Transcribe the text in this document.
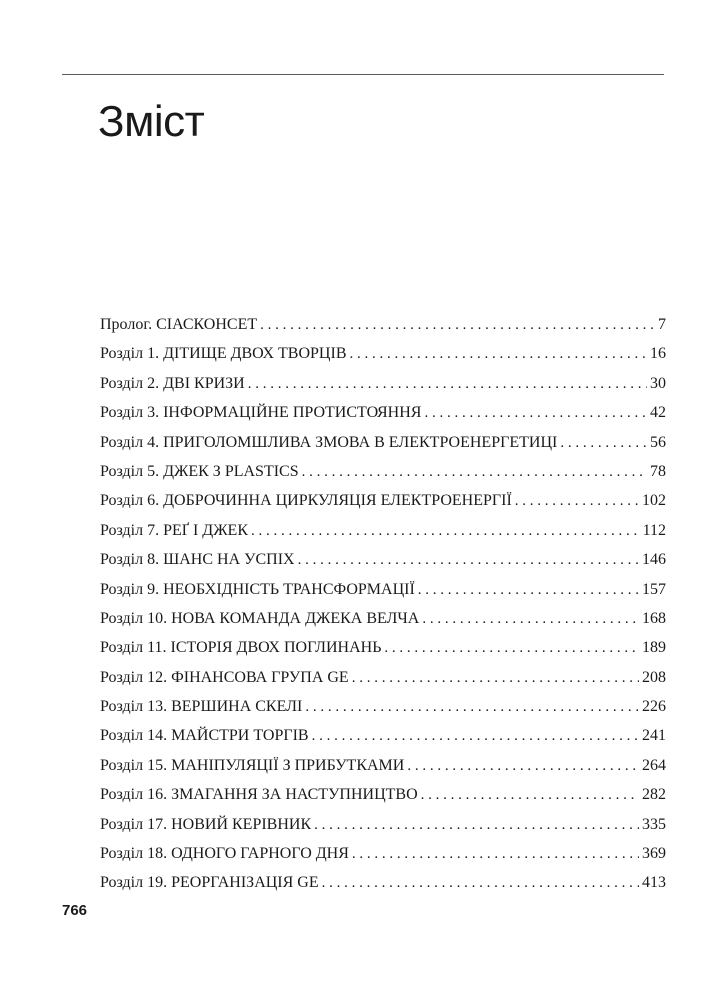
Зміст
Пролог. СІАСКОНСЕТ . . .	7
Розділ 1. ДІТИЩЕ ДВОХ ТВОРЦІВ . . .	16
Розділ 2. ДВІ КРИЗИ . . .	30
Розділ 3. ІНФОРМАЦІЙНЕ ПРОТИСТОЯННЯ . . .	42
Розділ 4. ПРИГОЛОМШЛИВА ЗМОВА В ЕЛЕКТРОЕНЕРГЕТИЦІ . . .	56
Розділ 5. ДЖЕК З PLASTICS . . .	78
Розділ 6. ДОБРОЧИННА ЦИРКУЛЯЦІЯ ЕЛЕКТРОЕНЕРГІЇ . . .	102
Розділ 7. РЕҐ І ДЖЕК . . .	112
Розділ 8. ШАНС НА УСПІХ . . .	146
Розділ 9. НЕОБХІДНІСТЬ ТРАНСФОРМАЦІЇ . . .	157
Розділ 10. НОВА КОМАНДА ДЖЕКА ВЕЛЧА . . .	168
Розділ 11. ІСТОРІЯ ДВОХ ПОГЛИНАНЬ . . .	189
Розділ 12. ФІНАНСОВА ГРУПА GE . . .	208
Розділ 13. ВЕРШИНА СКЕЛІ . . .	226
Розділ 14. МАЙСТРИ ТОРГІВ . . .	241
Розділ 15. МАНІПУЛЯЦІЇ З ПРИБУТКАМИ . . .	264
Розділ 16. ЗМАГАННЯ ЗА НАСТУПНИЦТВО . . .	282
Розділ 17. НОВИЙ КЕРІВНИК . . .	335
Розділ 18. ОДНОГО ГАРНОГО ДНЯ . . .	369
Розділ 19. РЕОРГАНІЗАЦІЯ GE . . .	413
766
